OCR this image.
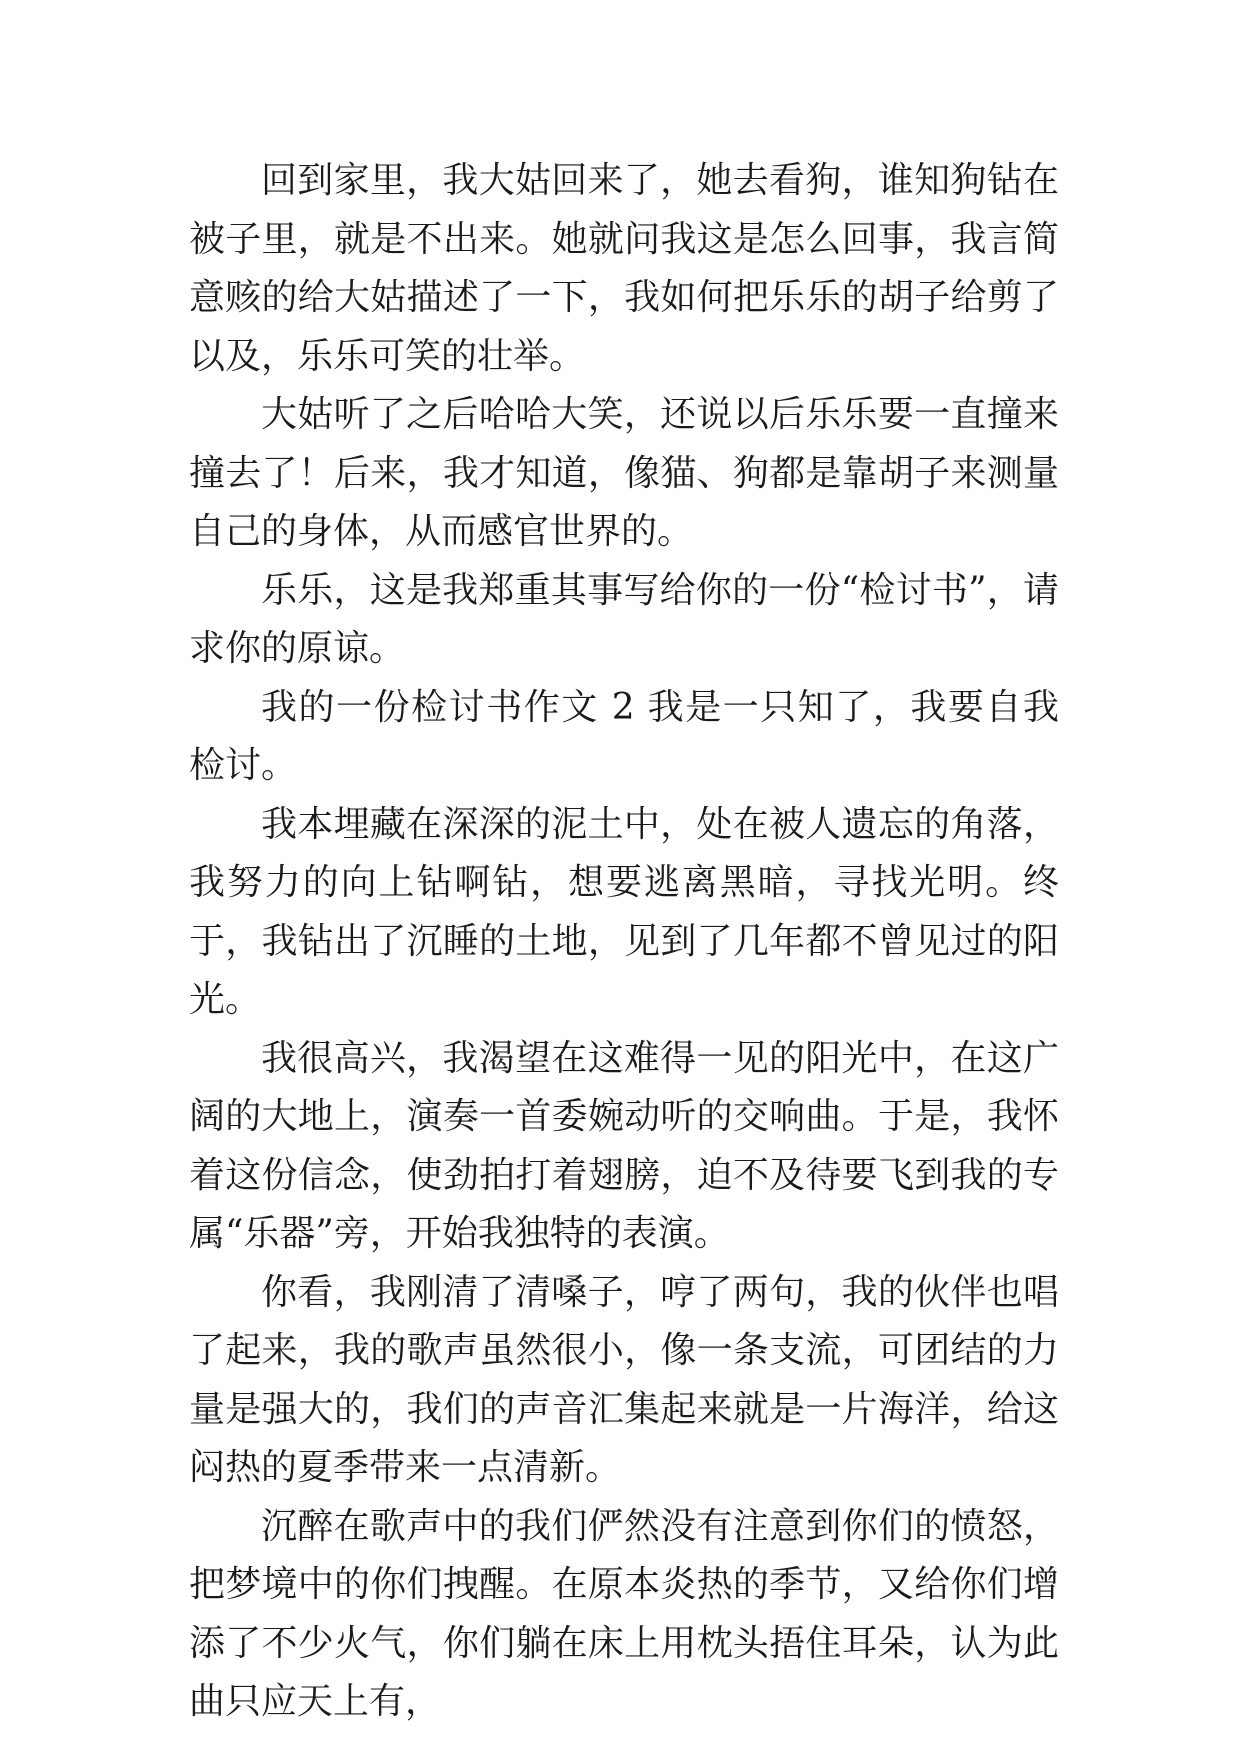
回到家里，我大姑回来了，她去看狗，谁知狗钻在被子里，就是不出来。她就问我这是怎么回事，我言简意赅的给大姑描述了一下，我如何把乐乐的胡子给剪了以及，乐乐可笑的壮举。

大姑听了之后哈哈大笑，还说以后乐乐要一直撞来撞去了！后来，我才知道，像猫、狗都是靠胡子来测量自己的身体，从而感官世界的。

乐乐，这是我郑重其事写给你的一份“检讨书”，请求你的原谅。

我的一份检讨书作文 2 我是一只知了，我要自我检讨。

我本埋藏在深深的泥土中，处在被人遗忘的角落，我努力的向上钻啊钻，想要逃离黑暗，寻找光明。终于，我钻出了沉睡的土地，见到了几年都不曾见过的阳光。

我很高兴，我渴望在这难得一见的阳光中，在这广阔的大地上，演奏一首委婉动听的交响曲。于是，我怀着这份信念，使劲拍打着翅膀，迫不及待要飞到我的专属“乐器”旁，开始我独特的表演。

你看，我刚清了清嗓子，哼了两句，我的伙伴也唱了起来，我的歌声虽然很小，像一条支流，可团结的力量是强大的，我们的声音汇集起来就是一片海洋，给这闷热的夏季带来一点清新。

沉醉在歌声中的我们俨然没有注意到你们的愤怒，把梦境中的你们拽醒。在原本炎热的季节，又给你们增添了不少火气，你们躺在床上用枕头捂住耳朵，认为此曲只应天上有，
